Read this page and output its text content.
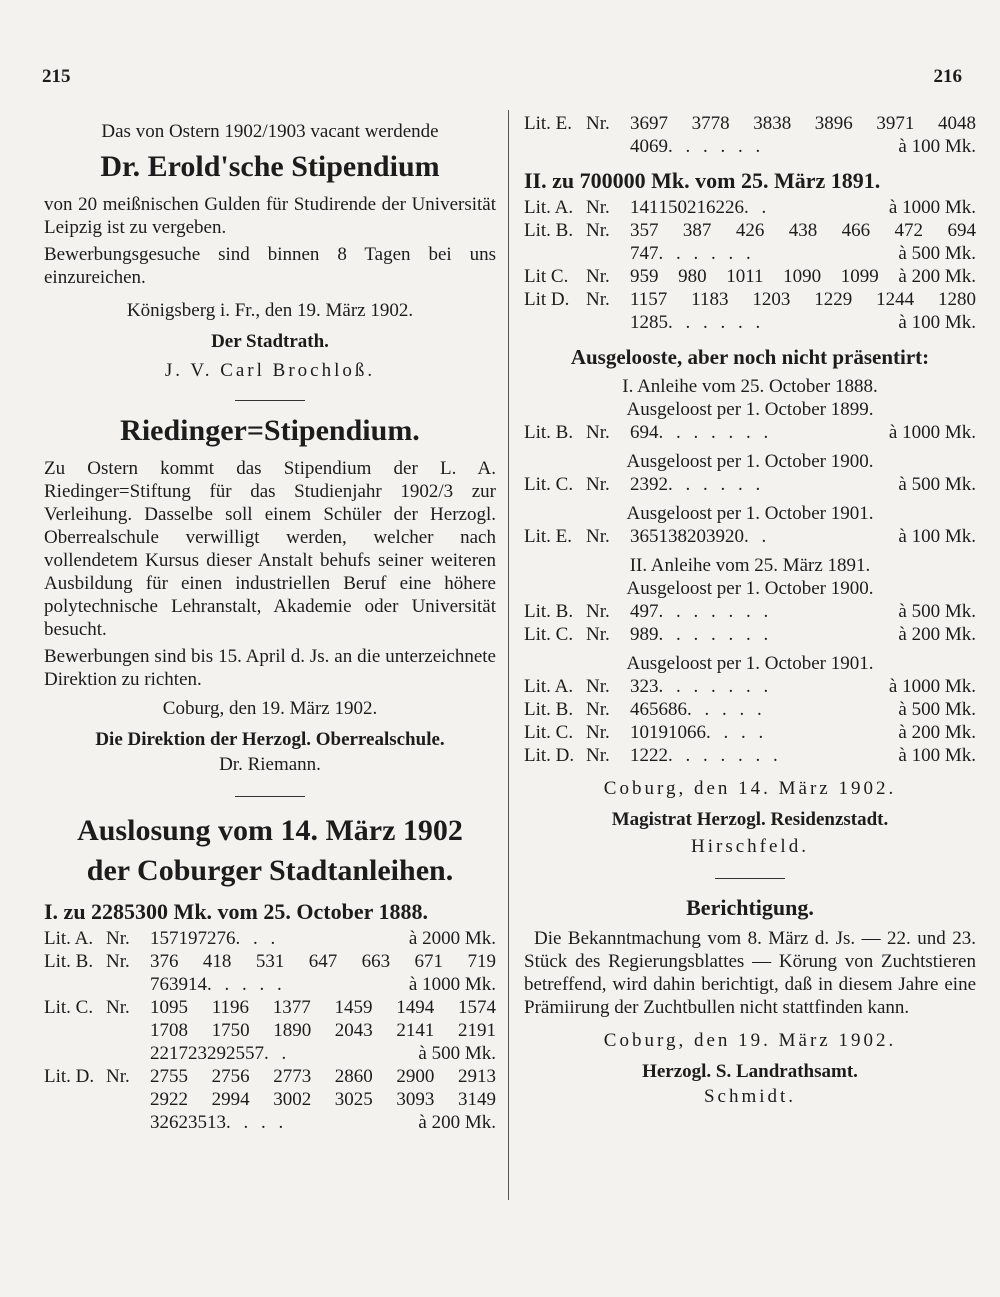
215	216
Das von Ostern 1902/1903 vacant werdende
Dr. Erold'sche Stipendium
von 20 meißnischen Gulden für Studirende der Universität Leipzig ist zu vergeben.
Bewerbungsgesuche sind binnen 8 Tagen bei uns einzureichen.
Königsberg i. Fr., den 19. März 1902.
Der Stadtrath.
J. V. Carl Brochloß.
Riedinger=Stipendium.
Zu Ostern kommt das Stipendium der L. A. Riedinger=Stiftung für das Studienjahr 1902/3 zur Verleihung. Dasselbe soll einem Schüler der Herzogl. Oberrealschule verwilligt werden, welcher nach vollendetem Kursus dieser Anstalt behufs seiner weiteren Ausbildung für einen industriellen Beruf eine höhere polytechnische Lehranstalt, Akademie oder Universität besucht.
Bewerbungen sind bis 15. April d. Js. an die unterzeichnete Direktion zu richten.
Coburg, den 19. März 1902.
Die Direktion der Herzogl. Oberrealschule.
Dr. Riemann.
Auslosung vom 14. März 1902
der Coburger Stadtanleihen.
I. zu 2285300 Mk. vom 25. October 1888.
Lit. A. Nr.	157 197 276 . . .	à 2000 Mk.
Lit. B. Nr.	376 418 531 647 663 671 719
763 914 . . . . .	à 1000 Mk.
Lit. C. Nr.	1095 1196 1377 1459 1494 1574
1708 1750 1890 2043 2141 2191
2217 2329 2557 . .	à 500 Mk.
Lit. D. Nr.	2755 2756 2773 2860 2900 2913
2922 2994 3002 3025 3093 3149
3262 3513 . . . .	à 200 Mk.
Lit. E. Nr.	3697 3778 3838 3896 3971 4048
4069 . . . . . .	à 100 Mk.
II. zu 700000 Mk. vom 25. März 1891.
Lit. A. Nr.	141 150 216 226 . .	à 1000 Mk.
Lit. B. Nr.	357 387 426 438 466 472 694
747 . . . . . .	à 500 Mk.
Lit C. Nr.	959 980 1011 1090 1099 à 200 Mk.
Lit D. Nr.	1157 1183 1203 1229 1244 1280
1285 . . . . . .	à 100 Mk.
Ausgelooste, aber noch nicht präsentirt:
I. Anleihe vom 25. October 1888.
Ausgeloost per 1. October 1899.
Lit. B. Nr.	694 . . . . . . .	à 1000 Mk.
Ausgeloost per 1. October 1900.
Lit. C. Nr.	2392 . . . . . .	à 500 Mk.
Ausgeloost per 1. October 1901.
Lit. E. Nr.	3651 3820 3920 . .	à 100 Mk.
II. Anleihe vom 25. März 1891.
Ausgeloost per 1. October 1900.
Lit. B. Nr.	497 . . . . . . .	à 500 Mk.
Lit. C. Nr.	989 . . . . . . .	à 200 Mk.
Ausgeloost per 1. October 1901.
Lit. A. Nr.	323 . . . . . . .	à 1000 Mk.
Lit. B. Nr.	465 686 . . . . .	à 500 Mk.
Lit. C. Nr.	1019 1066 . . . .	à 200 Mk.
Lit. D. Nr.	1222 . . . . . . .	à 100 Mk.
Coburg, den 14. März 1902.
Magistrat Herzogl. Residenzstadt.
Hirschfeld.
Berichtigung.
Die Bekanntmachung vom 8. März d. Js. — 22. und 23. Stück des Regierungsblattes — Körung von Zuchtstieren betreffend, wird dahin berichtigt, daß in diesem Jahre eine Prämiirung der Zuchtbullen nicht stattfinden kann.
Coburg, den 19. März 1902.
Herzogl. S. Landrathsamt.
Schmidt.
